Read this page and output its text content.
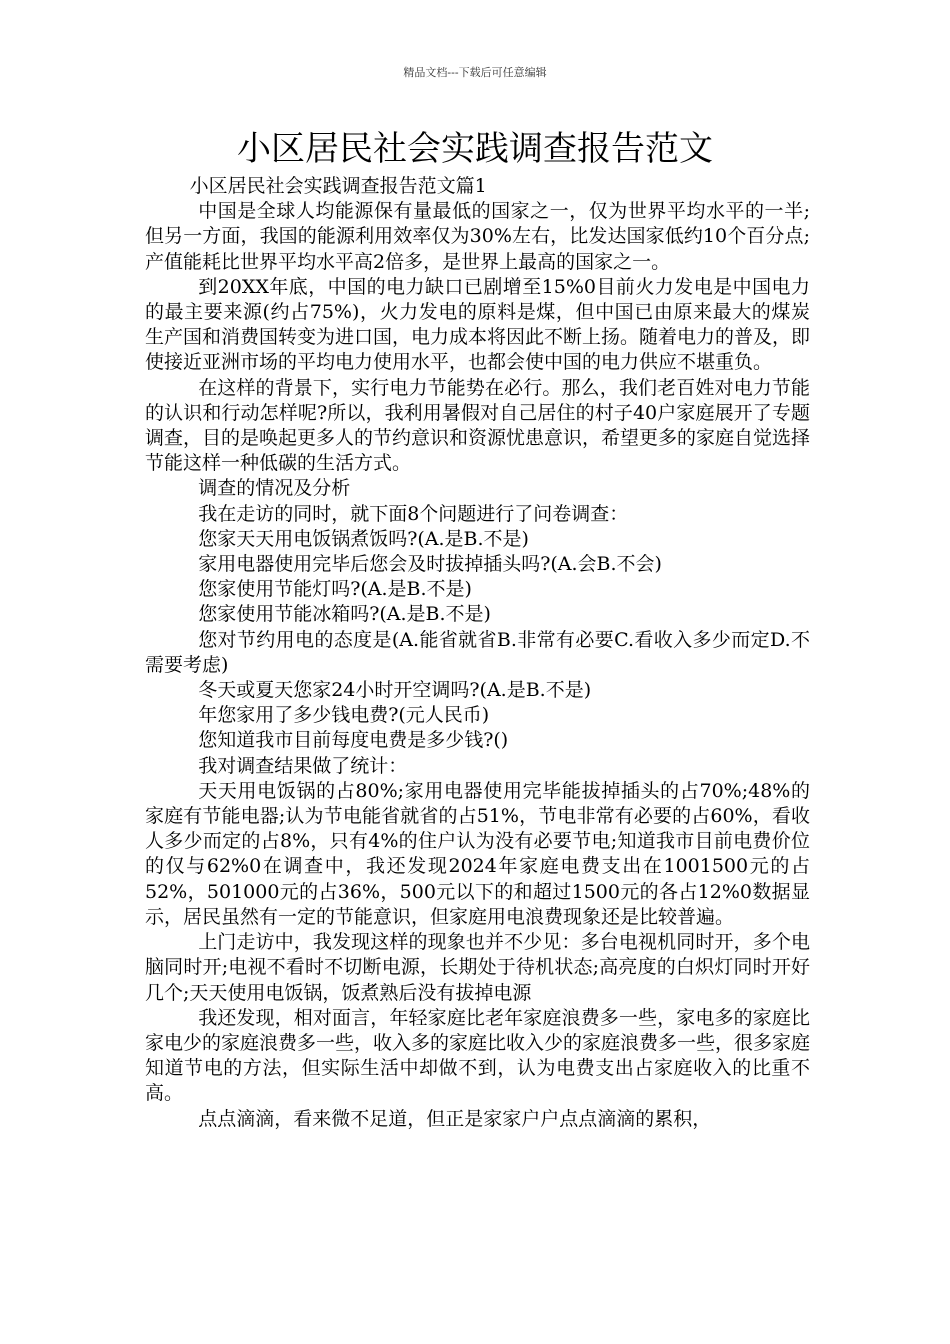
精品文档---下载后可任意编辑
小区居民社会实践调查报告范文

小区居民社会实践调查报告范文篇1

中国是全球人均能源保有量最低的国家之一，仅为世界平均水平的一半;但另一方面，我国的能源利用效率仅为30%左右，比发达国家低约10个百分点;产值能耗比世界平均水平高2倍多，是世界上最高的国家之一。

到20XX年底，中国的电力缺口已剧增至15%0目前火力发电是中国电力的最主要来源(约占75%)，火力发电的原料是煤，但中国已由原来最大的煤炭生产国和消费国转变为进口国，电力成本将因此不断上扬。随着电力的普及，即使接近亚洲市场的平均电力使用水平，也都会使中国的电力供应不堪重负。

在这样的背景下，实行电力节能势在必行。那么，我们老百姓对电力节能的认识和行动怎样呢?所以，我利用暑假对自己居住的村子40户家庭展开了专题调查，目的是唤起更多人的节约意识和资源忧患意识，希望更多的家庭自觉选择节能这样一种低碳的生活方式。

调查的情况及分析

我在走访的同时，就下面8个问题进行了问卷调查：

您家天天用电饭锅煮饭吗?(A.是B.不是)

家用电器使用完毕后您会及时拔掉插头吗?(A.会B.不会)

您家使用节能灯吗?(A.是B.不是)

您家使用节能冰箱吗?(A.是B.不是)

您对节约用电的态度是(A.能省就省B.非常有必要C.看收入多少而定D.不需要考虑)

冬天或夏天您家24小时开空调吗?(A.是B.不是)

年您家用了多少钱电费?(元人民币)

您知道我市目前每度电费是多少钱?()

我对调查结果做了统计：

天天用电饭锅的占80%;家用电器使用完毕能拔掉插头的占70%;48%的家庭有节能电器;认为节电能省就省的占51%，节电非常有必要的占60%，看收人多少而定的占8%，只有4%的住户认为没有必要节电;知道我市目前电费价位的仅与62%0在调查中，我还发现2024年家庭电费支出在1001500元的占52%，501000元的占36%，500元以下的和超过1500元的各占12%0数据显示，居民虽然有一定的节能意识，但家庭用电浪费现象还是比较普遍。

上门走访中，我发现这样的现象也并不少见：多台电视机同时开，多个电脑同时开;电视不看时不切断电源，长期处于待机状态;高亮度的白炽灯同时开好几个;天天使用电饭锅，饭煮熟后没有拔掉电源

我还发现，相对面言，年轻家庭比老年家庭浪费多一些，家电多的家庭比家电少的家庭浪费多一些，收入多的家庭比收入少的家庭浪费多一些，很多家庭知道节电的方法，但实际生活中却做不到，认为电费支出占家庭收入的比重不高。

点点滴滴，看来微不足道，但正是家家户户点点滴滴的累积，
